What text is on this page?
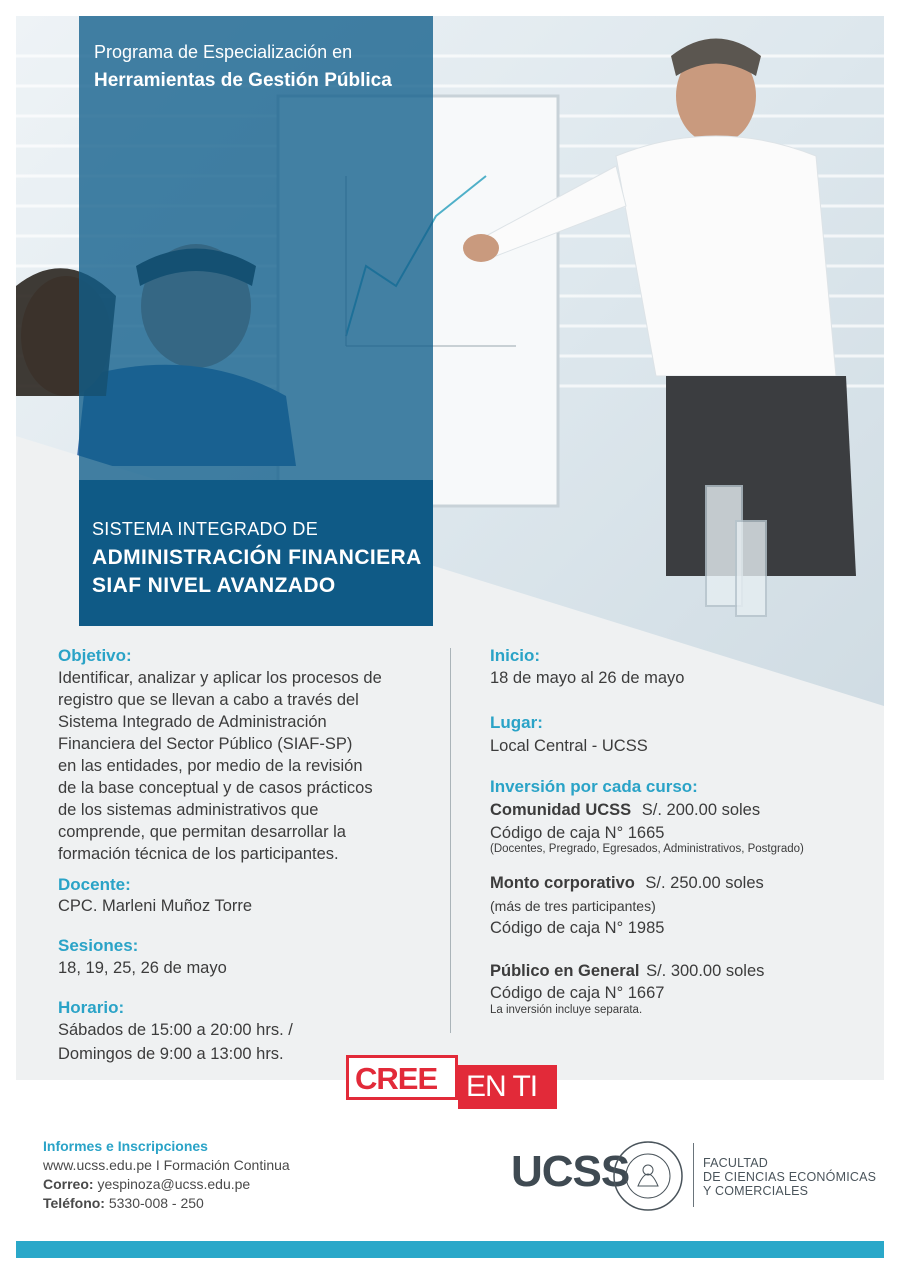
Programa de Especialización en
Herramientas de Gestión Pública
SISTEMA INTEGRADO DE
ADMINISTRACIÓN FINANCIERA
SIAF NIVEL AVANZADO
Objetivo:
Identificar, analizar y aplicar los procesos de
registro que se llevan a cabo a través del
Sistema Integrado de Administración
Financiera del Sector Público (SIAF-SP)
en las entidades, por medio de la revisión
de la base conceptual y de casos prácticos
de los sistemas administrativos que
comprende, que permitan desarrollar la
formación técnica de los participantes.
Docente:
CPC. Marleni Muñoz Torre
Sesiones:
18, 19, 25, 26 de mayo
Horario:
Sábados de 15:00 a 20:00 hrs. /
Domingos de 9:00 a 13:00 hrs.
Inicio:
18 de mayo al 26 de mayo
Lugar:
Local Central - UCSS
Inversión por cada curso:
Comunidad UCSS S/. 200.00 soles
Código de caja N° 1665
(Docentes, Pregrado, Egresados, Administrativos, Postgrado)
Monto corporativo S/. 250.00 soles
(más de tres participantes)
Código de caja N° 1985
Público en General S/. 300.00 soles
Código de caja N° 1667
La inversión incluye separata.
CREE EN TI
Informes e Inscripciones
www.ucss.edu.pe I Formación Continua
Correo: yespinoza@ucss.edu.pe
Teléfono: 5330-008 - 250
UCSS	FACULTAD
DE CIENCIAS ECONÓMICAS
Y COMERCIALES
